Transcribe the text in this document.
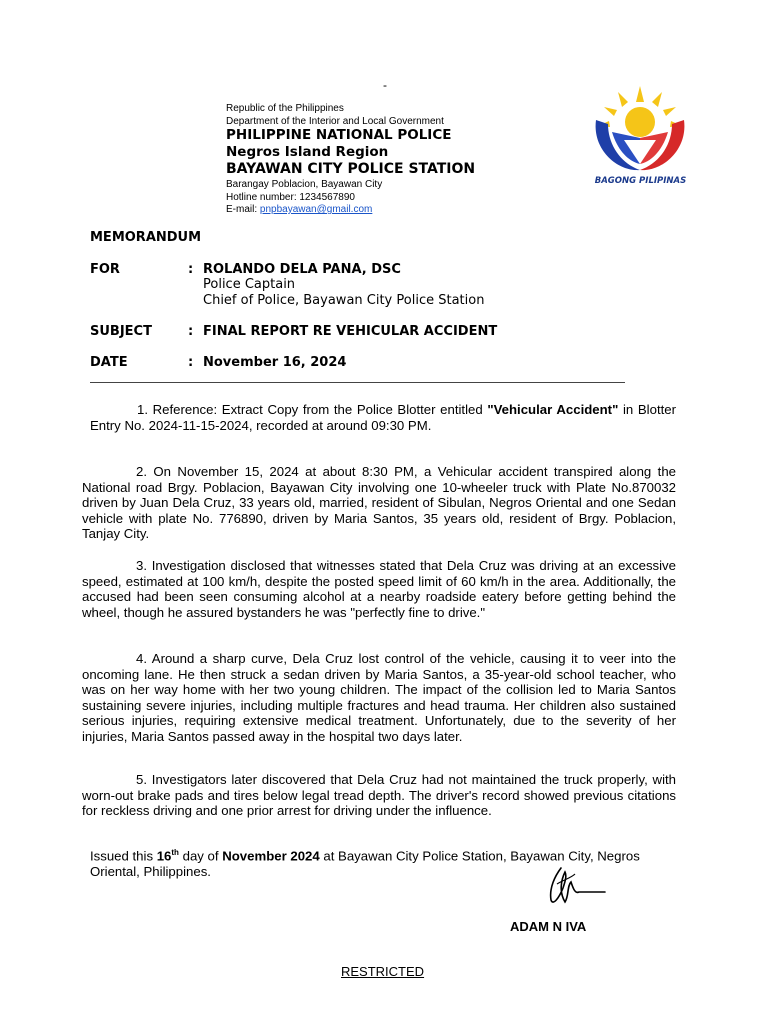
-
Republic of the Philippines
Department of the Interior and Local Government
PHILIPPINE NATIONAL POLICE
Negros Island Region
BAYAWAN CITY POLICE STATION
Barangay Poblacion, Bayawan City
Hotline number: 1234567890
E-mail: pnpbayawan@gmail.com
BAGONG PILIPINAS
MEMORANDUM
FOR	: ROLANDO DELA PANA, DSC
Police Captain
Chief of Police, Bayawan City Police Station
SUBJECT	: FINAL REPORT RE VEHICULAR ACCIDENT
DATE	: November 16, 2024
1. Reference: Extract Copy from the Police Blotter entitled "Vehicular Accident" in Blotter Entry No. 2024-11-15-2024, recorded at around 09:30 PM.
2. On November 15, 2024 at about 8:30 PM, a Vehicular accident transpired along the National road Brgy. Poblacion, Bayawan City involving one 10-wheeler truck with Plate No.870032 driven by Juan Dela Cruz, 33 years old, married, resident of Sibulan, Negros Oriental and one Sedan vehicle with plate No. 776890, driven by Maria Santos, 35 years old, resident of Brgy. Poblacion, Tanjay City.
3. Investigation disclosed that witnesses stated that Dela Cruz was driving at an excessive speed, estimated at 100 km/h, despite the posted speed limit of 60 km/h in the area. Additionally, the accused had been seen consuming alcohol at a nearby roadside eatery before getting behind the wheel, though he assured bystanders he was "perfectly fine to drive."
4. Around a sharp curve, Dela Cruz lost control of the vehicle, causing it to veer into the oncoming lane. He then struck a sedan driven by Maria Santos, a 35-year-old school teacher, who was on her way home with her two young children. The impact of the collision led to Maria Santos sustaining severe injuries, including multiple fractures and head trauma. Her children also sustained serious injuries, requiring extensive medical treatment. Unfortunately, due to the severity of her injuries, Maria Santos passed away in the hospital two days later.
5. Investigators later discovered that Dela Cruz had not maintained the truck properly, with worn-out brake pads and tires below legal tread depth. The driver's record showed previous citations for reckless driving and one prior arrest for driving under the influence.
Issued this 16th day of November 2024 at Bayawan City Police Station, Bayawan City, Negros Oriental, Philippines.
ADAM N IVA
RESTRICTED
